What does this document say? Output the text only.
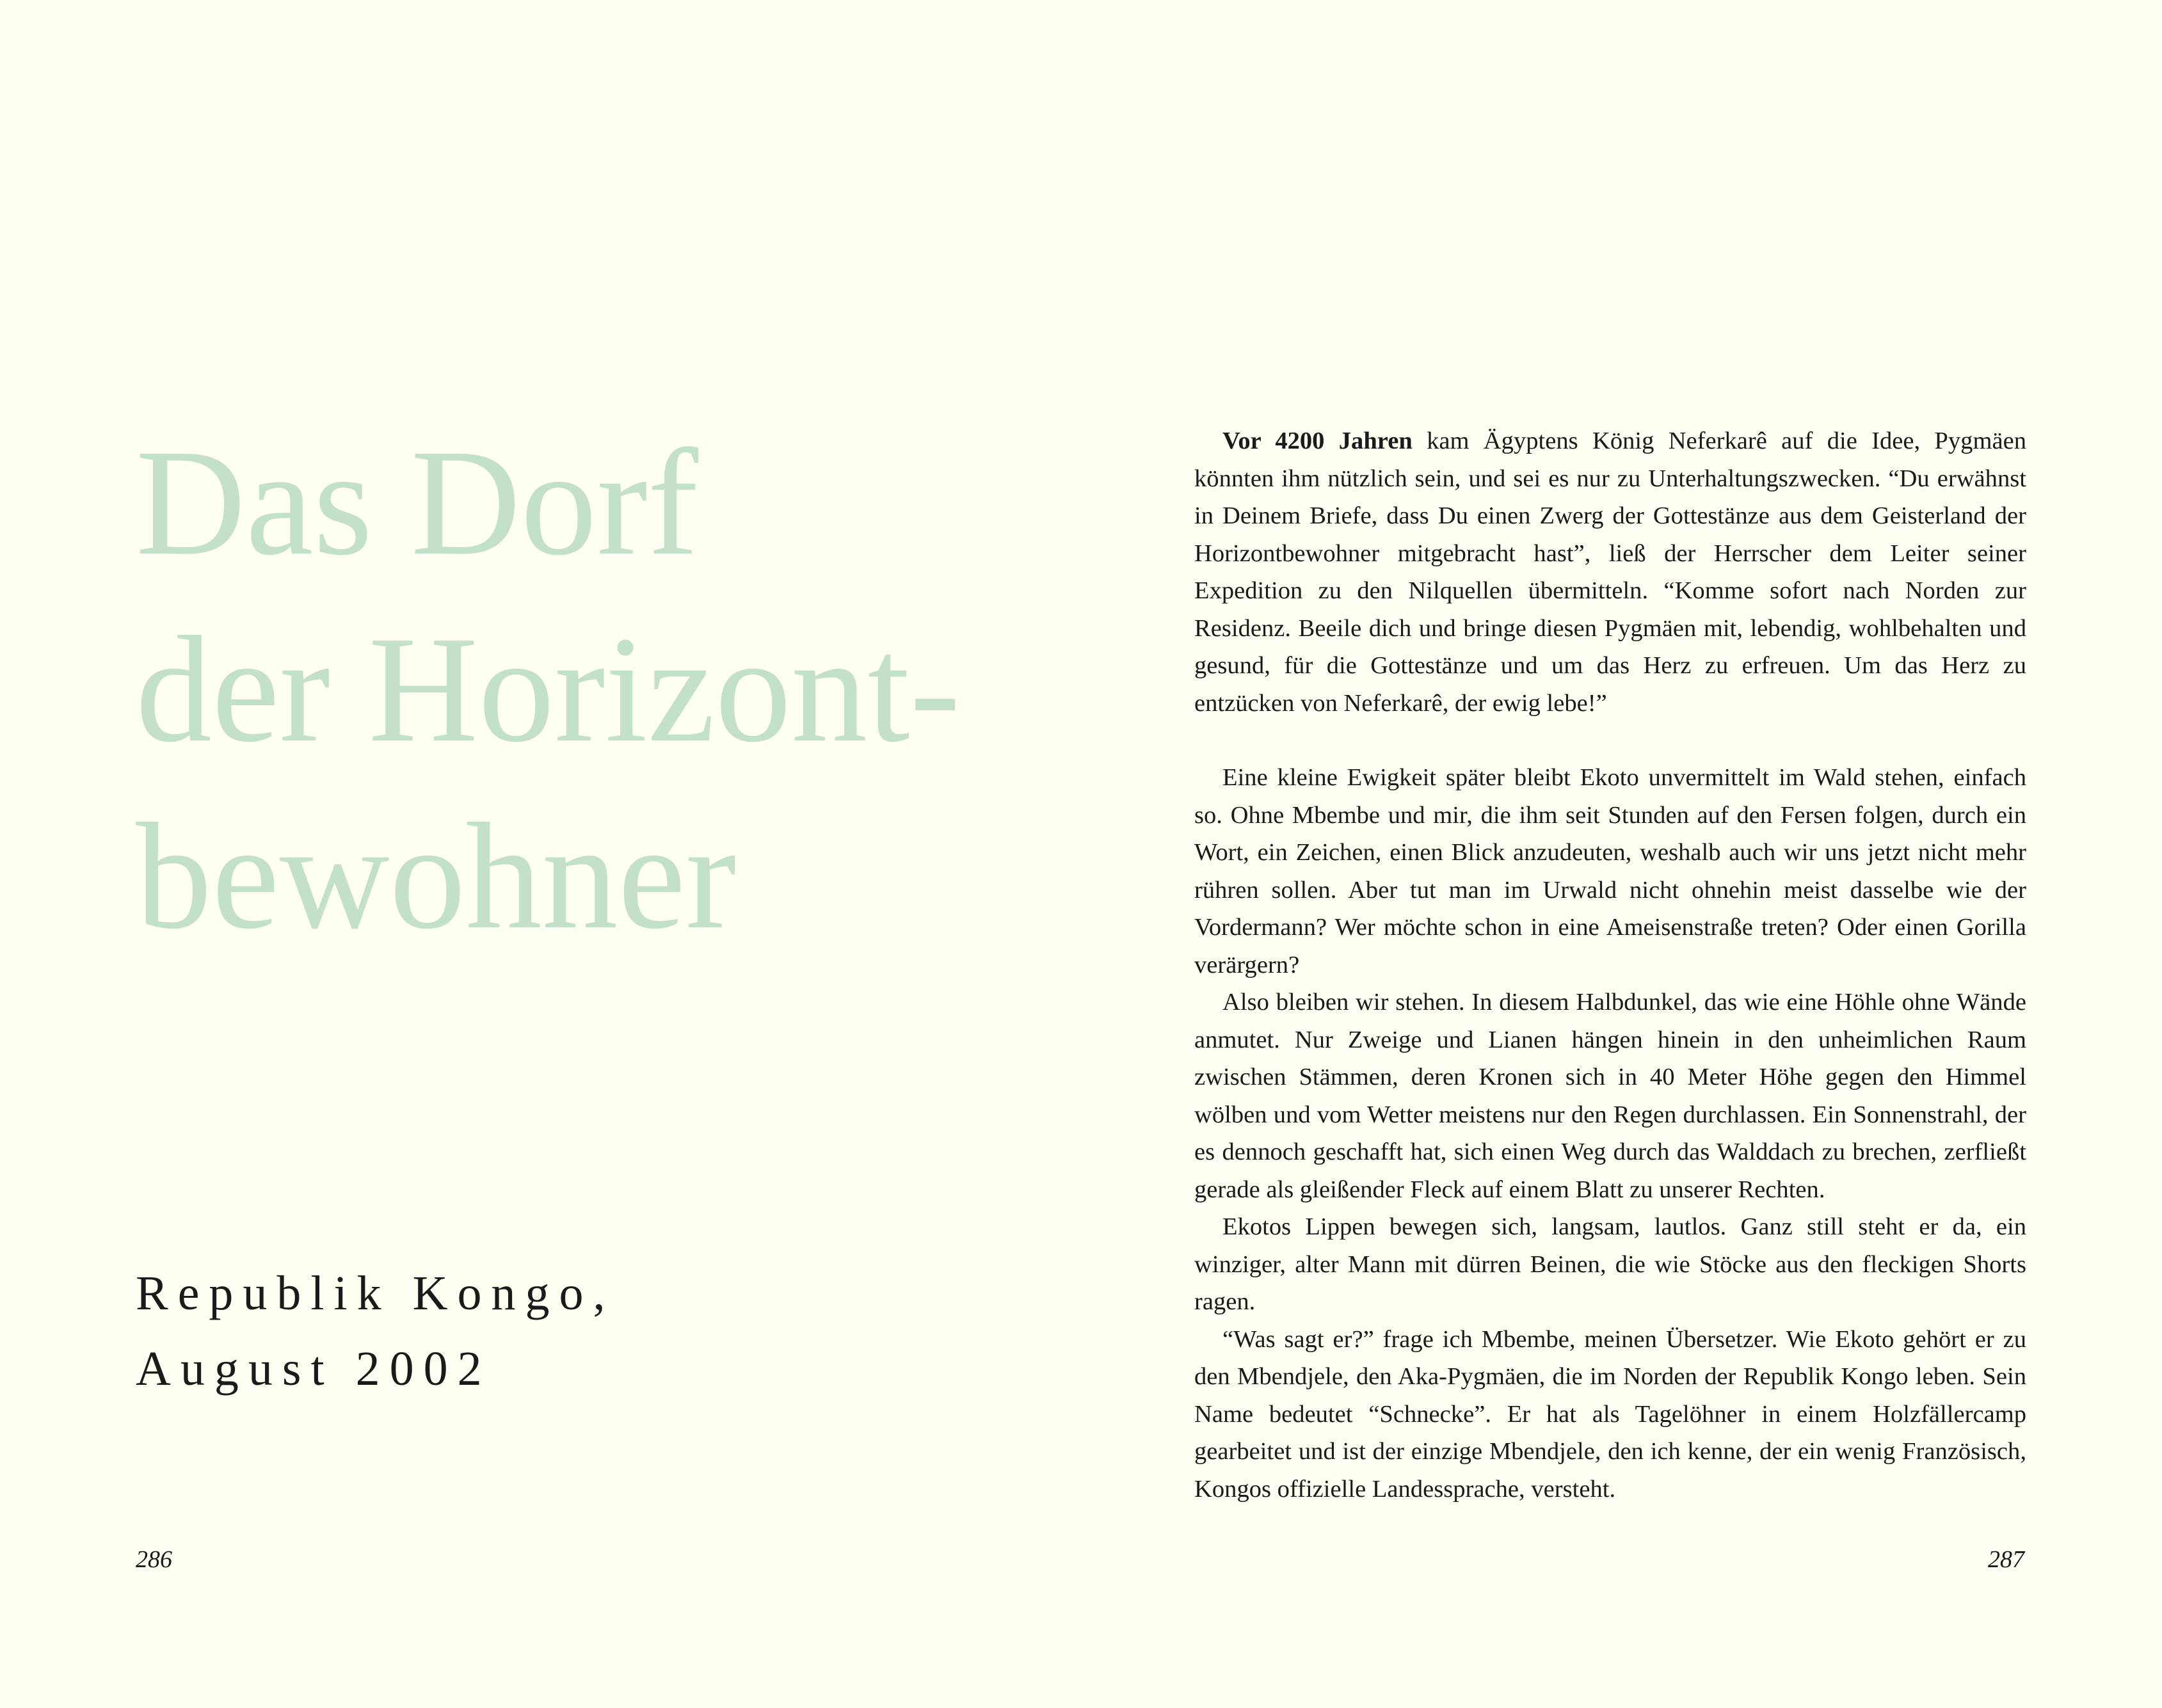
Das Dorf
der Horizont-
bewohner
Republik Kongo,
August 2002
286

Vor 4200 Jahren kam Ägyptens König Neferkarê auf die Idee, Pygmäen könnten ihm nützlich sein, und sei es nur zu Unterhaltungszwecken. “Du erwähnst in Deinem Briefe, dass Du einen Zwerg der Gottestänze aus dem Geisterland der Horizontbewohner mitgebracht hast”, ließ der Herrscher dem Leiter seiner Expedition zu den Nilquellen übermitteln. “Komme sofort nach Norden zur Residenz. Beeile dich und bringe diesen Pygmäen mit, lebendig, wohlbehalten und gesund, für die Gottestänze und um das Herz zu erfreuen. Um das Herz zu entzücken von Neferkarê, der ewig lebe!”

Eine kleine Ewigkeit später bleibt Ekoto unvermittelt im Wald stehen, einfach so. Ohne Mbembe und mir, die ihm seit Stunden auf den Fersen folgen, durch ein Wort, ein Zeichen, einen Blick anzudeuten, weshalb auch wir uns jetzt nicht mehr rühren sollen. Aber tut man im Urwald nicht ohnehin meist dasselbe wie der Vordermann? Wer möchte schon in eine Ameisenstraße treten? Oder einen Gorilla verärgern?

Also bleiben wir stehen. In diesem Halbdunkel, das wie eine Höhle ohne Wände anmutet. Nur Zweige und Lianen hängen hinein in den unheimlichen Raum zwischen Stämmen, deren Kronen sich in 40 Meter Höhe gegen den Himmel wölben und vom Wetter meistens nur den Regen durchlassen. Ein Sonnenstrahl, der es dennoch geschafft hat, sich einen Weg durch das Walddach zu brechen, zerfließt gerade als gleißender Fleck auf einem Blatt zu unserer Rechten.

Ekotos Lippen bewegen sich, langsam, lautlos. Ganz still steht er da, ein winziger, alter Mann mit dürren Beinen, die wie Stöcke aus den fleckigen Shorts ragen.

“Was sagt er?” frage ich Mbembe, meinen Übersetzer. Wie Ekoto gehört er zu den Mbendjele, den Aka-Pygmäen, die im Norden der Republik Kongo leben. Sein Name bedeutet “Schnecke”. Er hat als Tagelöhner in einem Holzfällercamp gearbeitet und ist der einzige Mbendjele, den ich kenne, der ein wenig Französisch, Kongos offizielle Landessprache, versteht.

287
